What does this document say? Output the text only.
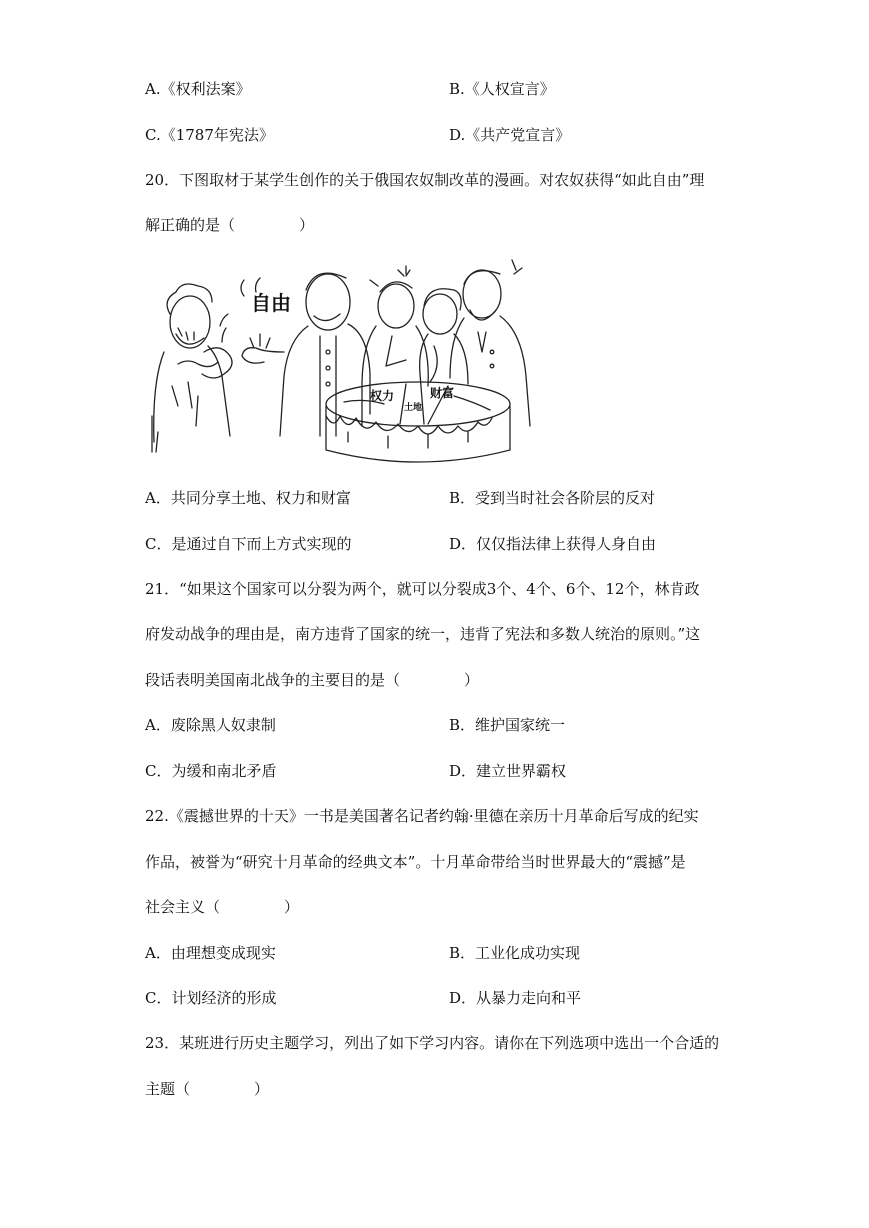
A.《权利法案》	B.《人权宣言》
C.《1787年宪法》	D.《共产党宣言》
20．下图取材于某学生创作的关于俄国农奴制改革的漫画。对农奴获得“如此自由”理
解正确的是（	）
自由
权力	财富
土地
A．共同分享土地、权力和财富	B．受到当时社会各阶层的反对
C．是通过自下而上方式实现的	D．仅仅指法律上获得人身自由
21．“如果这个国家可以分裂为两个，就可以分裂成3个、4个、6个、12个，林肯政
府发动战争的理由是，南方违背了国家的统一，违背了宪法和多数人统治的原则。”这
段话表明美国南北战争的主要目的是（	）
A．废除黑人奴隶制	B．维护国家统一
C．为缓和南北矛盾	D．建立世界霸权
22.《震撼世界的十天》一书是美国著名记者约翰·里德在亲历十月革命后写成的纪实
作品，被誉为“研究十月革命的经典文本”。十月革命带给当时世界最大的“震撼”是
社会主义（	）
A．由理想变成现实	B．工业化成功实现
C．计划经济的形成	D．从暴力走向和平
23．某班进行历史主题学习，列出了如下学习内容。请你在下列选项中选出一个合适的
主题（	）
